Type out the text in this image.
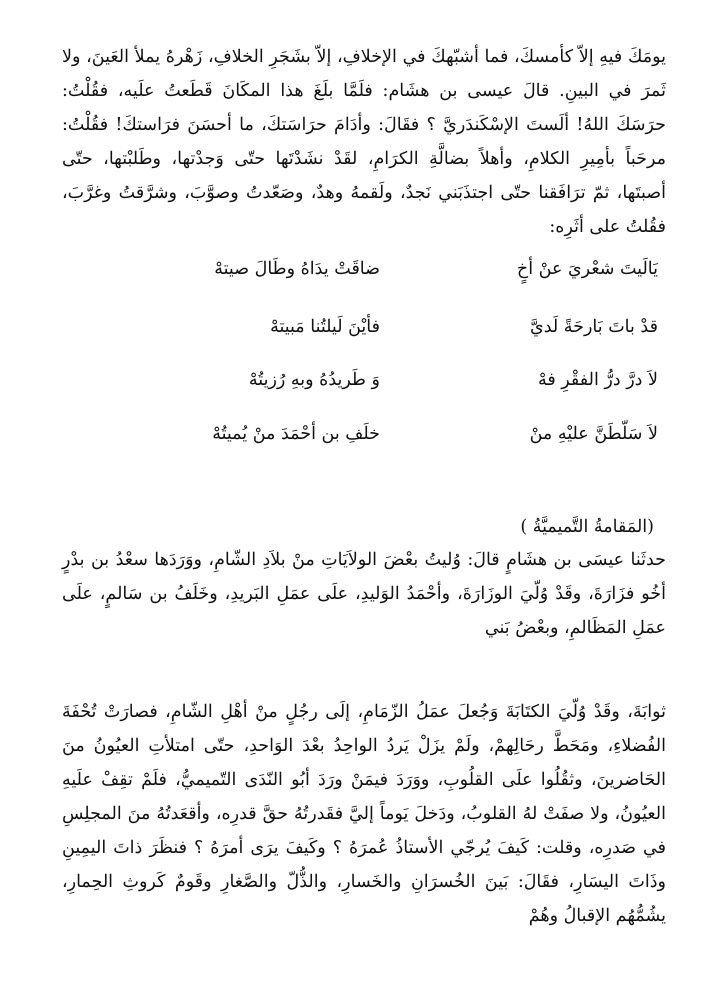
يومَكَ فيهِ إلاّ كأمسكَ، فما أشبّهكَ في الإخلافِ، إلاّ بشَجَرِ الخلافِ، زَهْرهُ يملأ العَينَ، ولا ثَمرَ في البينِ. قالَ عيسى بن هشَام: فلَمَّا بلَغَ هذا المكَانَ قَطَعتُ علَيه، فقُلْتُ: حرَسَكَ اللهُ! ألَستَ الإسْكَندَريَّ ؟ فقَالَ: وأدَامَ حرَاسَتكَ، ما أحسَنَ فرَاستكَ! فقُلْتُ: مرحَباً بأمِيرِ الكلامِ، وأهلاً بضالَّةِ الكرَامِ، لقَدْ نشَدْتَها حتّى وَجدْتها، وطَلبْتها، حتّى أصبتَها، ثمّ ترَافَقنا حتّى اجتذَبَني نَجدٌ، ولَقمهُ وهدٌ، وصَعّدتُ وصوَّبَ، وشرَّقتُ وغرَّبَ، فقُلتُ على أثَرِه:

يَالَيتَ شعْريَ عنْ أخٍ
ضاقَتْ يدَاهُ وطَالَ صيتهْ
قدْ باتَ بَارحَةً لَديَّ
فأيْنَ لَيلتُنا مَبيتهْ
لاَ درَّ درُّ الفقْرِ فهْ
وَ طَريدُهُ وبهِ رُزيتُهْ
لاَ سَلّطَنَّ عليْهِ منْ
خلَفِ بن أحْمَدَ منْ يُميتُهْ
(المَقامةُ التَّميميَّةُ )

حدثَنا عيسَى بن هشَامٍ قالَ: وُليتُ بعْضَ الولاَيَاتِ منْ بلاَدِ الشّامِ، ووَرَدَها سعْدُ بن بدْرٍ أخُو فزَارَةَ، وقَدْ وُلّيَ الوزَارَةَ، وأحْمَدُ الوَليدِ، علَى عمَلِ البَريدِ، وخَلَفُ بن سَالمٍ، علَى عمَلِ المَظَالمِ، وبعْضُ بَني

ثوابَةَ، وقَدْ وُلّيَ الكتَابَةَ وَجُعلَ عمَلُ الزّمَامِ، إلَى رجُلٍ منْ أهْلِ الشّامِ، فصارَتْ تُحْفَةَ الفُضلاءِ، ومَحَطَّ رحَالِهمْ، ولَمْ يزَلْ يَردُ الواحِدُ بعْدَ الوَاحدِ، حتّى امتلأتِ العيُونُ منَ الحَاضرينَ، وثقُلُوا علَى القلُوبِ، ووَرَدَ فيمَنْ ورَدَ أبُو النّدَى التّميميُّ، فلَمْ تقِفْ علَيهِ العيُونُ، ولا صفَتْ لهُ القلوبُ، ودَخلَ يَوماً إليَّ فقَدرتُهُ حقَّ قدرِه، وأقعَدتُهُ منَ المجلِسِ في صَدرِه، وقلت: كَيفَ يُرجّي الأستاذُ عُمرَهُ ؟ وكَيفَ يرَى أمرَهُ ؟ فنظَرَ ذاتَ اليمِينِ وذَاتَ اليسَارِ، فقَالَ: بَينَ الخُسرَانِ والخَسارِ، والذُّلّ والصَّغارِ وقَومٌ كَروثِ الحِمارِ، يشُمُّهُم الإقبالُ وهُمْ
